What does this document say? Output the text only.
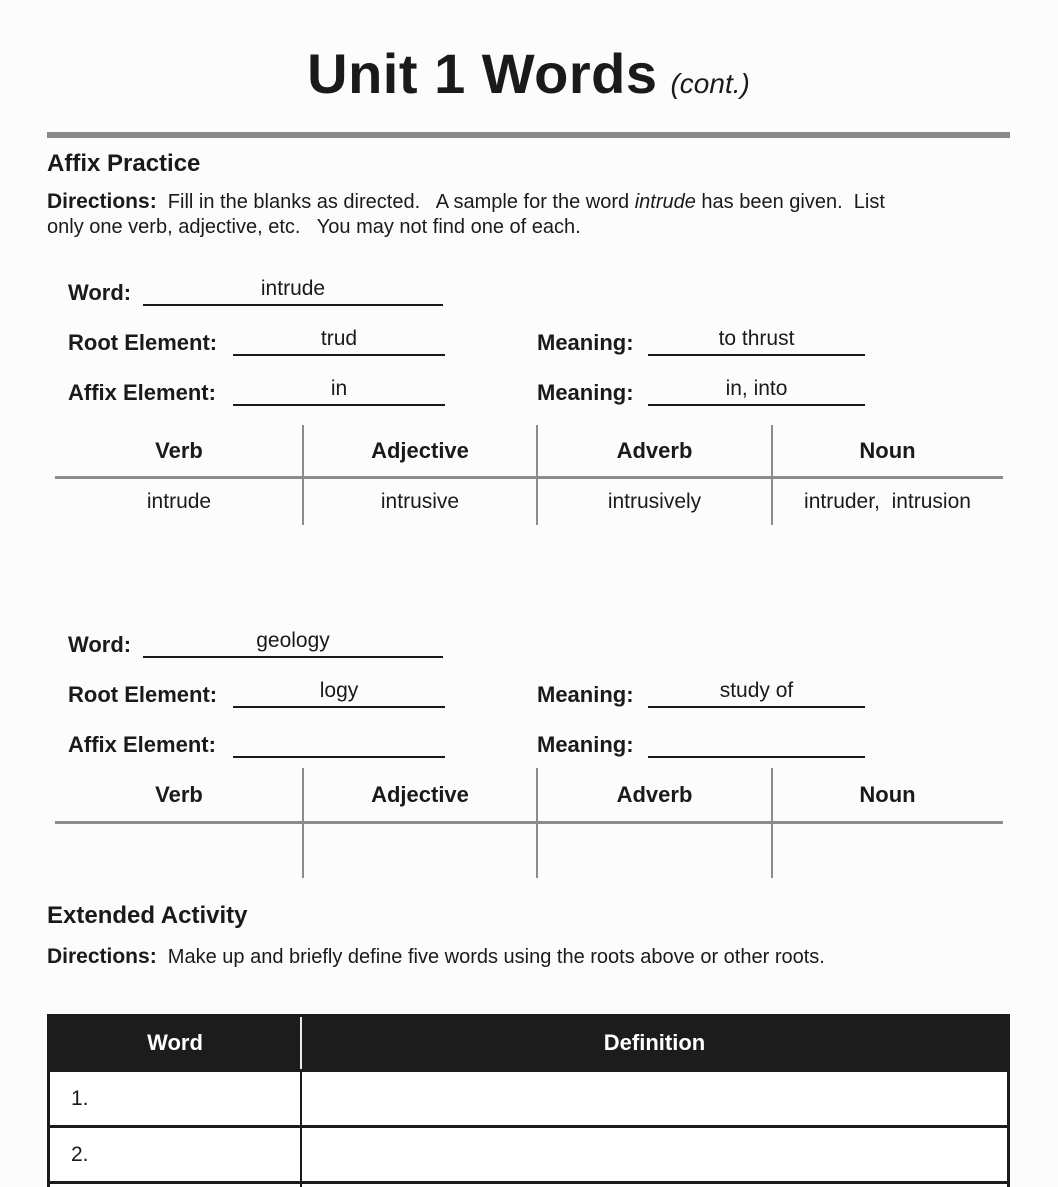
Unit 1 Words (cont.)
Affix Practice

Directions:  Fill in the blanks as directed.   A sample for the word intrude has been given.  List
only one verb, adjective, etc.   You may not find one of each.

Word:	intrude
Root Element:	trud	Meaning:	to thrust
Affix Element:	in	Meaning:	in, into
Verb	Adjective	Adverb	Noun
intrude	intrusive	intrusively	intruder,  intrusion
Word:	geology
Root Element:	logy	Meaning:	study of
Affix Element:	Meaning:
Verb	Adjective	Adverb	Noun
Extended Activity

Directions:  Make up and briefly define five words using the roots above or other roots.

Word	Definition
1.
2.
